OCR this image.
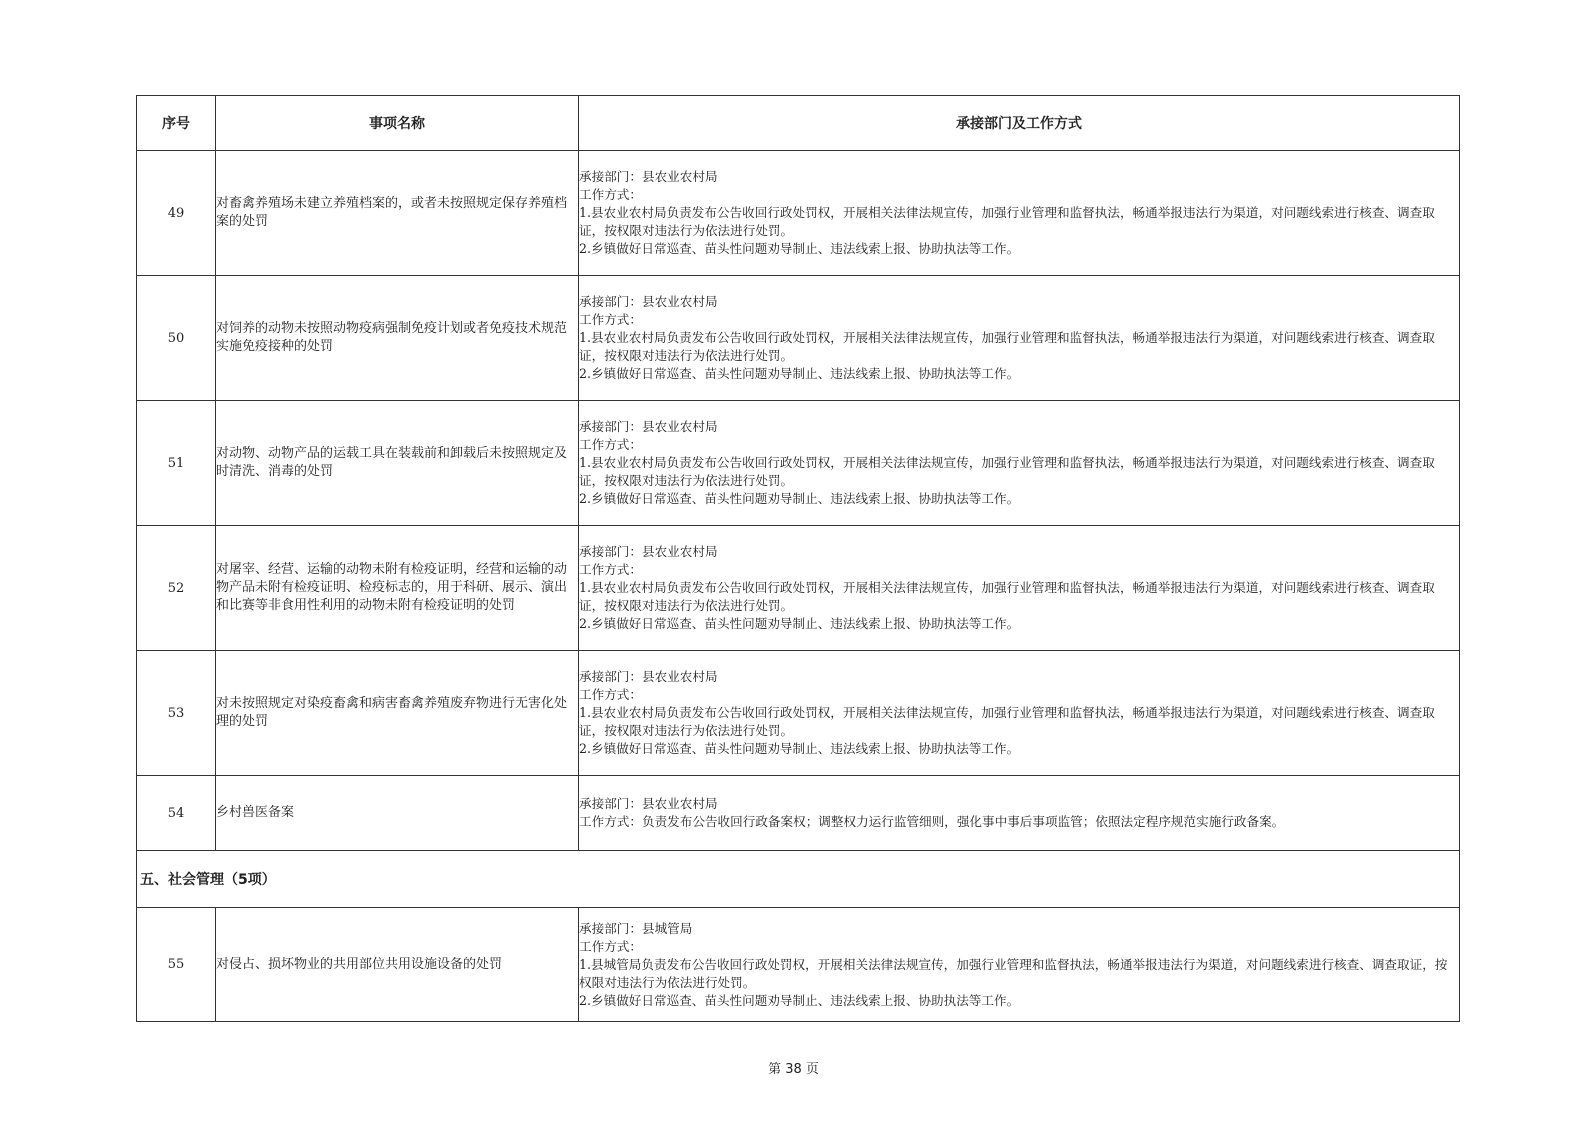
序号	事项名称	承接部门及工作方式
49	对畜禽养殖场未建立养殖档案的，或者未按照规定保存养殖档案的处罚	承接部门：县农业农村局
工作方式：
1.县农业农村局负责发布公告收回行政处罚权，开展相关法律法规宣传，加强行业管理和监督执法，畅通举报违法行为渠道，对问题线索进行核查、调查取证，按权限对违法行为依法进行处罚。
2.乡镇做好日常巡查、苗头性问题劝导制止、违法线索上报、协助执法等工作。

50	对饲养的动物未按照动物疫病强制免疫计划或者免疫技术规范实施免疫接种的处罚	承接部门：县农业农村局
工作方式：
1.县农业农村局负责发布公告收回行政处罚权，开展相关法律法规宣传，加强行业管理和监督执法，畅通举报违法行为渠道，对问题线索进行核查、调查取证，按权限对违法行为依法进行处罚。
2.乡镇做好日常巡查、苗头性问题劝导制止、违法线索上报、协助执法等工作。

51	对动物、动物产品的运载工具在装载前和卸载后未按照规定及时清洗、消毒的处罚	承接部门：县农业农村局
工作方式：
1.县农业农村局负责发布公告收回行政处罚权，开展相关法律法规宣传，加强行业管理和监督执法，畅通举报违法行为渠道，对问题线索进行核查、调查取证，按权限对违法行为依法进行处罚。
2.乡镇做好日常巡查、苗头性问题劝导制止、违法线索上报、协助执法等工作。

52	对屠宰、经营、运输的动物未附有检疫证明，经营和运输的动物产品未附有检疫证明、检疫标志的，用于科研、展示、演出和比赛等非食用性利用的动物未附有检疫证明的处罚	承接部门：县农业农村局
工作方式：
1.县农业农村局负责发布公告收回行政处罚权，开展相关法律法规宣传，加强行业管理和监督执法，畅通举报违法行为渠道，对问题线索进行核查、调查取证，按权限对违法行为依法进行处罚。
2.乡镇做好日常巡查、苗头性问题劝导制止、违法线索上报、协助执法等工作。

53	对未按照规定对染疫畜禽和病害畜禽养殖废弃物进行无害化处理的处罚	承接部门：县农业农村局
工作方式：
1.县农业农村局负责发布公告收回行政处罚权，开展相关法律法规宣传，加强行业管理和监督执法，畅通举报违法行为渠道，对问题线索进行核查、调查取证，按权限对违法行为依法进行处罚。
2.乡镇做好日常巡查、苗头性问题劝导制止、违法线索上报、协助执法等工作。

54	乡村兽医备案	承接部门：县农业农村局
工作方式：负责发布公告收回行政备案权；调整权力运行监管细则，强化事中事后事项监管；依照法定程序规范实施行政备案。

五、社会管理（5项）		
55	对侵占、损坏物业的共用部位共用设施设备的处罚	承接部门：县城管局
工作方式：
1.县城管局负责发布公告收回行政处罚权，开展相关法律法规宣传，加强行业管理和监督执法，畅通举报违法行为渠道，对问题线索进行核查、调查取证，按权限对违法行为依法进行处罚。
2.乡镇做好日常巡查、苗头性问题劝导制止、违法线索上报、协助执法等工作。
第 38 页
